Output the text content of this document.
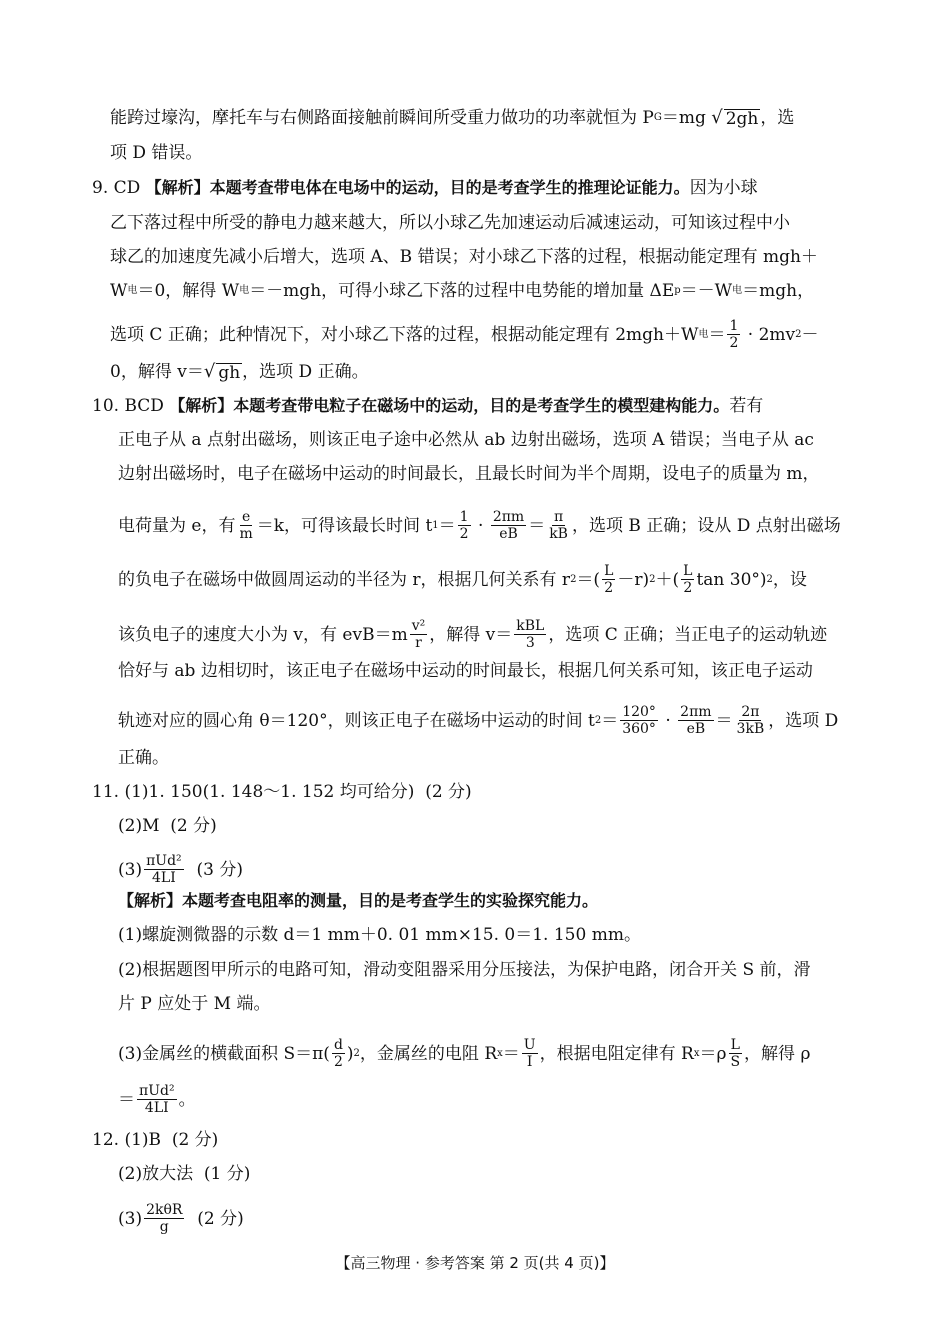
能跨过壕沟，摩托车与右侧路面接触前瞬间所受重力做功的功率就恒为 P G ＝mg √ 2gh ，选
项 D 错误。
9. CD 【解析】本题考查带电体在电场中的运动，目的是考查学生的推理论证能力。 因为小球
乙下落过程中所受的静电力越来越大，所以小球乙先加速运动后减速运动，可知该过程中小
球乙的加速度先减小后增大，选项 A、B 错误；对小球乙下落的过程，根据动能定理有 mgh＋
W 电 ＝0，解得 W 电 ＝－mgh，可得小球乙下落的过程中电势能的增加量 ΔE p ＝－W 电 ＝mgh，
选项 C 正确；此种情况下，对小球乙下落的过程，根据动能定理有 2mgh＋W 电 ＝ $\frac{1}{2} \cdot 2mv$ 2 －
0，解得 v＝ √ gh ，选项 D 正确。
10. BCD 【解析】本题考查带电粒子在磁场中的运动，目的是考查学生的模型建构能力。 若有
正电子从 a 点射出磁场，则该正电子途中必然从 ab 边射出磁场，选项 A 错误；当电子从 ac
边射出磁场时，电子在磁场中运动的时间最长，且最长时间为半个周期，设电子的质量为 m，
电荷量为 e，有 $\frac{e}{m} =k$，可得该最长时间 t $1 = \frac{1}{2} \cdot \frac{2\pi m}{eB} = \frac{\pi}{kB}$ ，选项 B 正确；设从 D 点射出磁场
的负电子在磁场中做圆周运动的半径为 r，根据几何关系有 r 2 ＝( $\frac{L}{2} -r$) 2 ＋( $\frac{L}{2}$ tan 30°) 2 ，设
该负电子的速度大小为 v，有 $evB=m \frac{\text{v²}}{r}$ ，解得 $v= \frac{\text{kBL}}{3}$ ，选项 C 正确；当正电子的运动轨迹
恰好与 ab 边相切时，该正电子在磁场中运动的时间最长，根据几何关系可知，该正电子运动
轨迹对应的圆心角 θ＝120°，则该正电子在磁场中运动的时间 t $2 = \frac{120^\circ}{360^\circ} \cdot \frac{2\pi m}{eB} = \frac{2\pi}{3kB}$ ，选项 D
正确。
11. (1)1. 150(1. 148～1. 152 均可给分)  (2 分)
(2)M  (2 分)
$(3) \frac{\text{πUd²}}{4LI} (3$ 分)
【解析】本题考查电阻率的测量，目的是考查学生的实验探究能力。
(1)螺旋测微器的示数 d＝1 mm＋0. 01 mm×15. 0＝1. 150 mm。
(2)根据题图甲所示的电路可知，滑动变阻器采用分压接法，为保护电路，闭合开关 S 前，滑
片 P 应处于 M 端。
(3)金属丝的横截面积 $S=\pi( \frac{d}{2}$ ) 2 ，金属丝的电阻 R $x = \frac{U}{I}$ ，根据电阻定律有 R $x =\rho \frac{L}{S}$ ，解得 ρ
＝ $\frac{\text{πUd²}}{4LI}$ 。
12. (1)B  (2 分)
(2)放大法  (1 分)
$(3) \frac{\text{2kθR}}{g} (2$ 分)
【高三物理 · 参考答案 第 2 页(共 4 页)】
